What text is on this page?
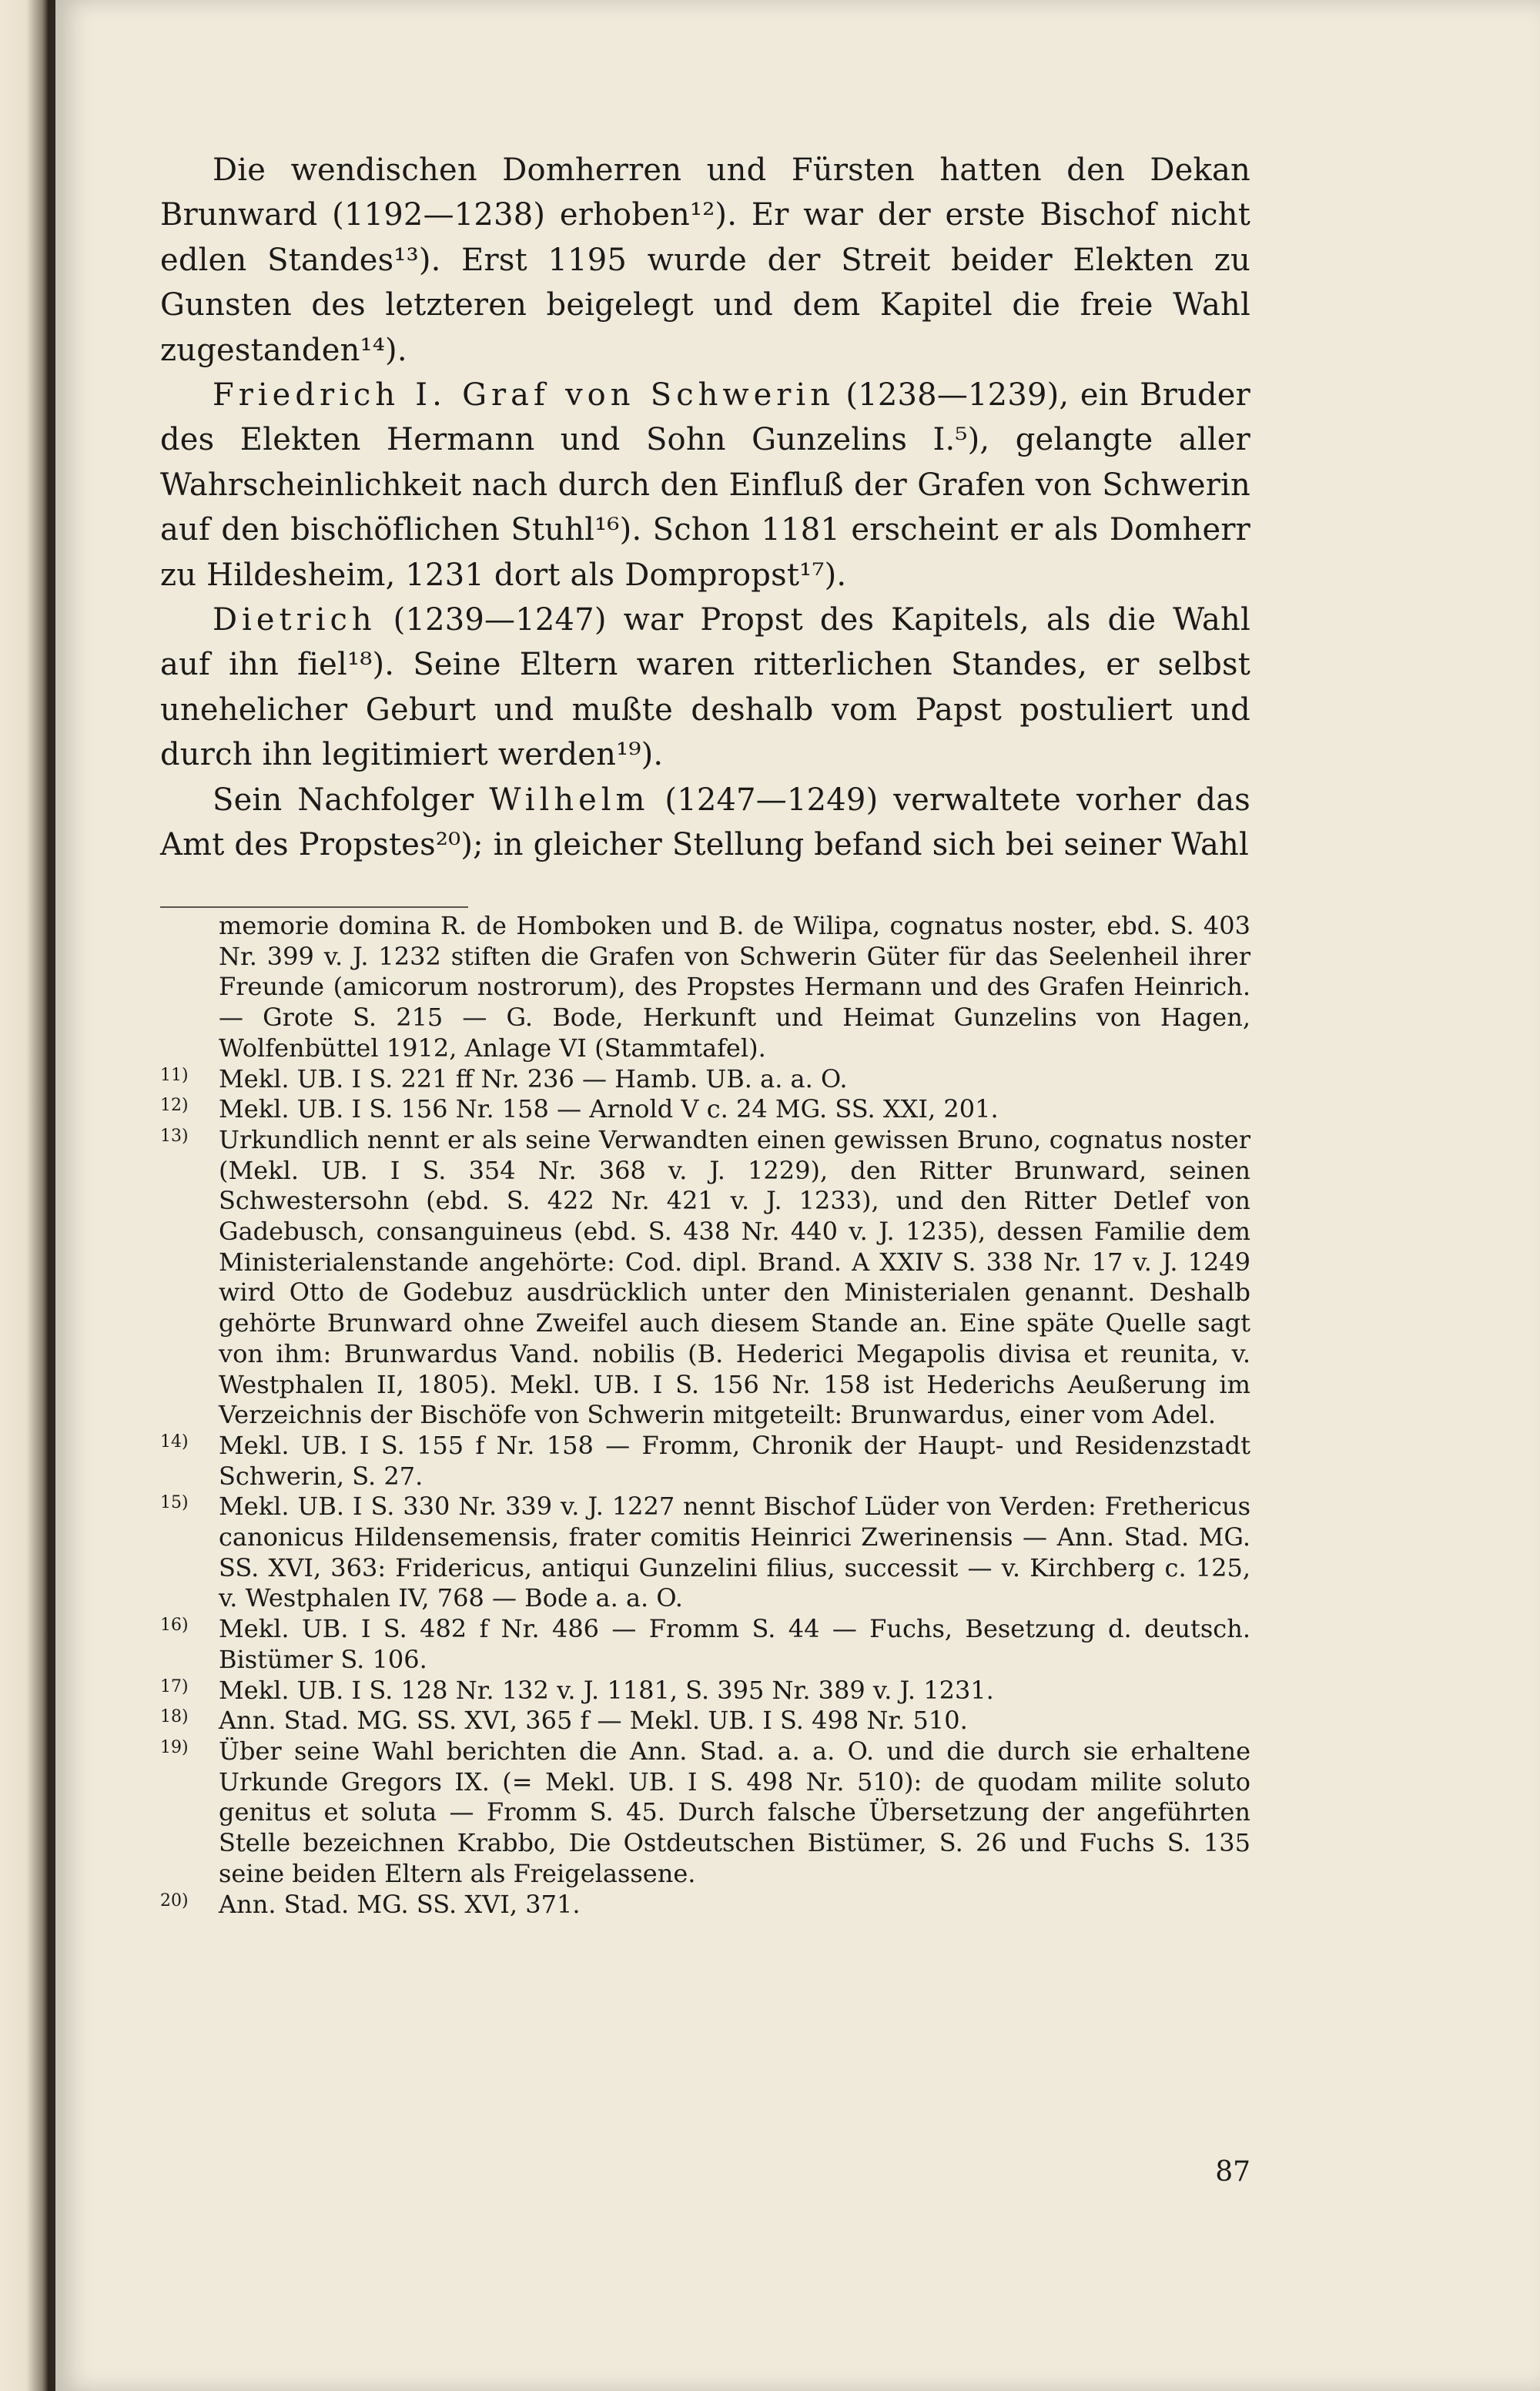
Die wendischen Domherren und Fürsten hatten den Dekan Brunward (1192—1238) erhoben¹²). Er war der erste Bischof nicht edlen Standes¹³). Erst 1195 wurde der Streit beider Elekten zu Gunsten des letzteren beigelegt und dem Kapitel die freie Wahl zugestanden¹⁴).

Friedrich I. Graf von Schwerin (1238—1239), ein Bruder des Elekten Hermann und Sohn Gunzelins I.⁵), gelangte aller Wahrscheinlichkeit nach durch den Einfluß der Grafen von Schwerin auf den bischöflichen Stuhl¹⁶). Schon 1181 erscheint er als Domherr zu Hildesheim, 1231 dort als Dompropst¹⁷).

Dietrich (1239—1247) war Propst des Kapitels, als die Wahl auf ihn fiel¹⁸). Seine Eltern waren ritterlichen Standes, er selbst unehelicher Geburt und mußte deshalb vom Papst postuliert und durch ihn legitimiert werden¹⁹).

Sein Nachfolger Wilhelm (1247—1249) verwaltete vorher das Amt des Propstes²⁰); in gleicher Stellung befand sich bei seiner Wahl

memorie domina R. de Homboken und B. de Wilipa, cognatus noster, ebd. S. 403 Nr. 399 v. J. 1232 stiften die Grafen von Schwerin Güter für das Seelenheil ihrer Freunde (amicorum nostrorum), des Propstes Hermann und des Grafen Heinrich. — Grote S. 215 — G. Bode, Herkunft und Heimat Gunzelins von Hagen, Wolfenbüttel 1912, Anlage VI (Stammtafel).

11)	Mekl. UB. I S. 221 ff Nr. 236 — Hamb. UB. a. a. O.

12)	Mekl. UB. I S. 156 Nr. 158 — Arnold V c. 24 MG. SS. XXI, 201.

13)	Urkundlich nennt er als seine Verwandten einen gewissen Bruno, cognatus noster (Mekl. UB. I S. 354 Nr. 368 v. J. 1229), den Ritter Brunward, seinen Schwestersohn (ebd. S. 422 Nr. 421 v. J. 1233), und den Ritter Detlef von Gadebusch, consanguineus (ebd. S. 438 Nr. 440 v. J. 1235), dessen Familie dem Ministerialenstande angehörte: Cod. dipl. Brand. A XXIV S. 338 Nr. 17 v. J. 1249 wird Otto de Godebuz ausdrücklich unter den Ministerialen genannt. Deshalb gehörte Brunward ohne Zweifel auch diesem Stande an. Eine späte Quelle sagt von ihm: Brunwardus Vand. nobilis (B. Hederici Megapolis divisa et reunita, v. Westphalen II, 1805). Mekl. UB. I S. 156 Nr. 158 ist Hederichs Aeußerung im Verzeichnis der Bischöfe von Schwerin mitgeteilt: Brunwardus, einer vom Adel.

14)	Mekl. UB. I S. 155 f Nr. 158 — Fromm, Chronik der Haupt- und Residenzstadt Schwerin, S. 27.

15)	Mekl. UB. I S. 330 Nr. 339 v. J. 1227 nennt Bischof Lüder von Verden: Frethericus canonicus Hildensemensis, frater comitis Heinrici Zwerinensis — Ann. Stad. MG. SS. XVI, 363: Fridericus, antiqui Gunzelini filius, successit — v. Kirchberg c. 125, v. Westphalen IV, 768 — Bode a. a. O.

16)	Mekl. UB. I S. 482 f Nr. 486 — Fromm S. 44 — Fuchs, Besetzung d. deutsch. Bistümer S. 106.

17)	Mekl. UB. I S. 128 Nr. 132 v. J. 1181, S. 395 Nr. 389 v. J. 1231.

18)	Ann. Stad. MG. SS. XVI, 365 f — Mekl. UB. I S. 498 Nr. 510.

19)	Über seine Wahl berichten die Ann. Stad. a. a. O. und die durch sie erhaltene Urkunde Gregors IX. (= Mekl. UB. I S. 498 Nr. 510): de quodam milite soluto genitus et soluta — Fromm S. 45. Durch falsche Übersetzung der angeführten Stelle bezeichnen Krabbo, Die Ostdeutschen Bistümer, S. 26 und Fuchs S. 135 seine beiden Eltern als Freigelassene.

20)	Ann. Stad. MG. SS. XVI, 371.

87
